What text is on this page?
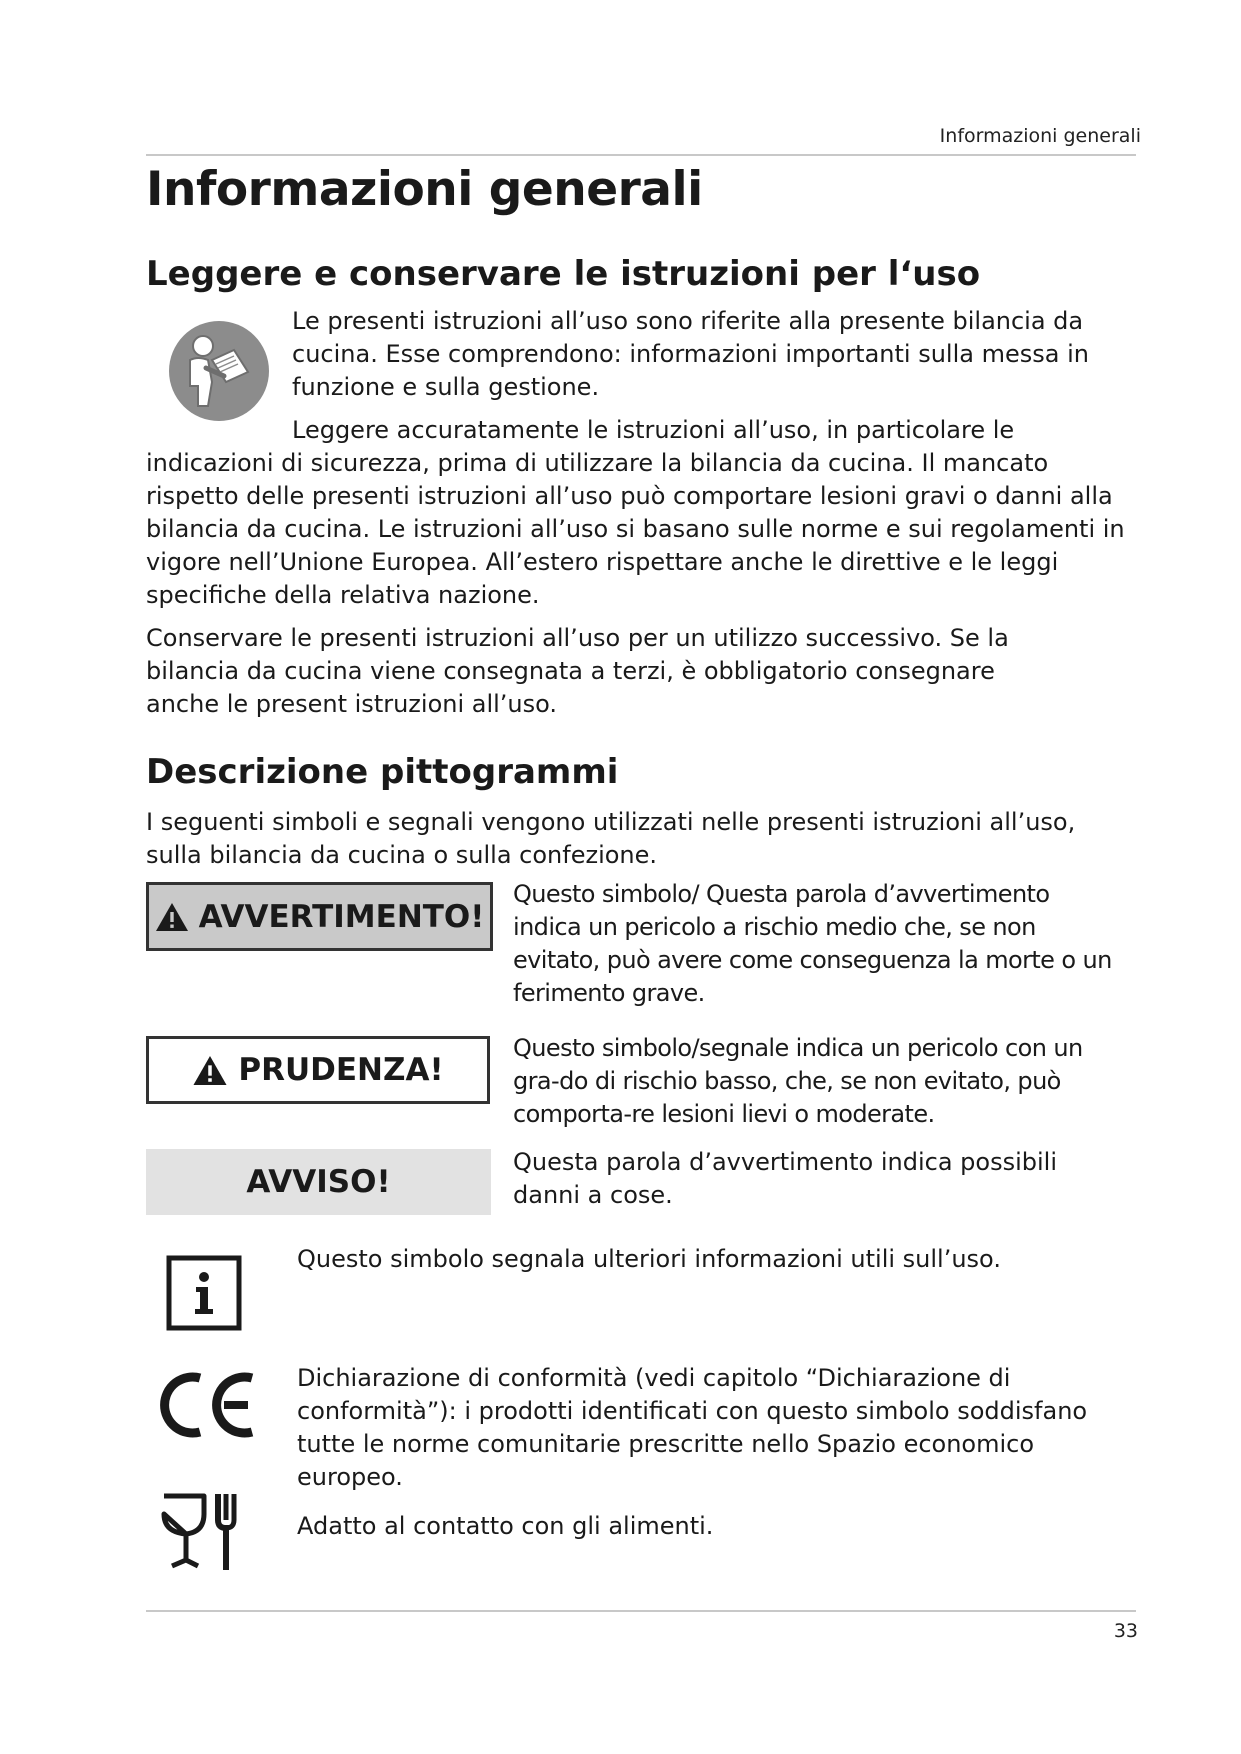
Informazioni generali
Informazioni generali
Leggere e conservare le istruzioni per l‘uso

Le presenti istruzioni all’uso sono riferite alla presente bilancia da cucina. Esse comprendono: informazioni importanti sulla messa in funzione e sulla gestione.

Leggere accuratamente le istruzioni all’uso, in particolare le indicazioni di sicurezza, prima di utilizzare la bilancia da cucina. Il mancato rispetto delle presenti istruzioni all’uso può comportare lesioni gravi o danni alla bilancia da cucina. Le istruzioni all’uso si basano sulle norme e sui regolamenti in vigore nell’Unione Europea. All’estero rispettare anche le direttive e le leggi specifiche della relativa nazione.

Conservare le presenti istruzioni all’uso per un utilizzo successivo. Se la bilancia da cucina viene consegnata a terzi, è obbligatorio consegnare anche le present istruzioni all’uso.

Descrizione pittogrammi

I seguenti simboli e segnali vengono utilizzati nelle presenti istruzioni all’uso, sulla bilancia da cucina o sulla confezione.

AVVERTIMENTO!

Questo simbolo/ Questa parola d’avvertimento indica un pericolo a rischio medio che, se non evitato, può avere come conseguenza la morte o un ferimento grave.

PRUDENZA!

Questo simbolo/segnale indica un pericolo con un gra-do di rischio basso, che, se non evitato, può comporta-re lesioni lievi o moderate.

AVVISO!

Questa parola d’avvertimento indica possibili danni a cose.

Questo simbolo segnala ulteriori informazioni utili sull’uso.

Dichiarazione di conformità (vedi capitolo “Dichiarazione di conformità”): i prodotti identificati con questo simbolo soddisfano tutte le norme comunitarie prescritte nello Spazio economico europeo.

Adatto al contatto con gli alimenti.

33
